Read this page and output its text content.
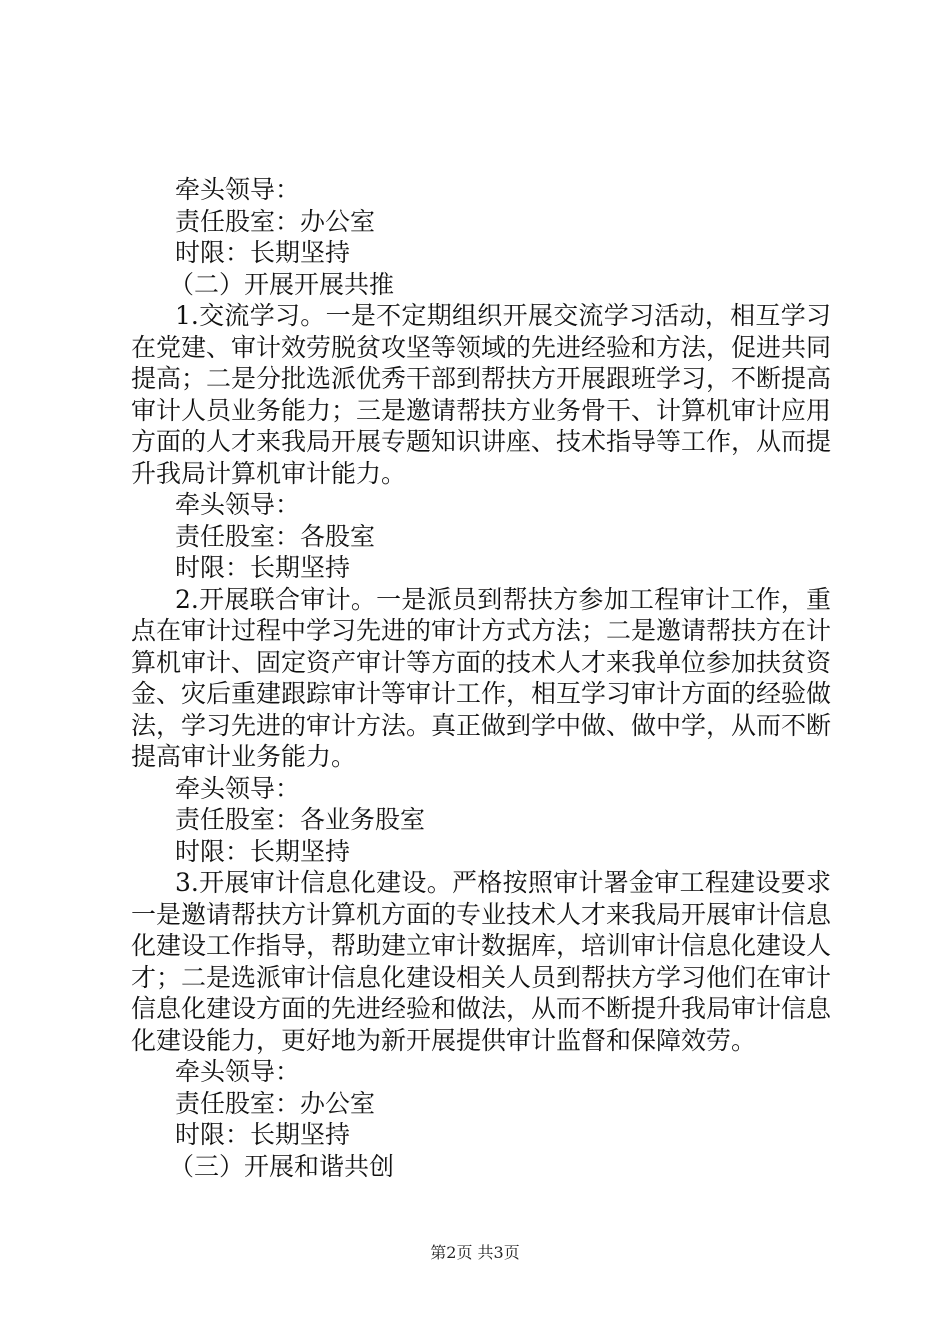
牵头领导：
责任股室：办公室
时限：长期坚持
（二）开展开展共推
1.交流学习。一是不定期组织开展交流学习活动，相互学习在党建、审计效劳脱贫攻坚等领域的先进经验和方法，促进共同提高；二是分批选派优秀干部到帮扶方开展跟班学习，不断提高审计人员业务能力；三是邀请帮扶方业务骨干、计算机审计应用方面的人才来我局开展专题知识讲座、技术指导等工作，从而提升我局计算机审计能力。
牵头领导：
责任股室：各股室
时限：长期坚持
2.开展联合审计。一是派员到帮扶方参加工程审计工作，重点在审计过程中学习先进的审计方式方法；二是邀请帮扶方在计算机审计、固定资产审计等方面的技术人才来我单位参加扶贫资金、灾后重建跟踪审计等审计工作，相互学习审计方面的经验做法，学习先进的审计方法。真正做到学中做、做中学，从而不断提高审计业务能力。
牵头领导：
责任股室：各业务股室
时限：长期坚持
3.开展审计信息化建设。严格按照审计署金审工程建设要求一是邀请帮扶方计算机方面的专业技术人才来我局开展审计信息化建设工作指导，帮助建立审计数据库，培训审计信息化建设人才；二是选派审计信息化建设相关人员到帮扶方学习他们在审计信息化建设方面的先进经验和做法，从而不断提升我局审计信息化建设能力，更好地为新开展提供审计监督和保障效劳。
牵头领导：
责任股室：办公室
时限：长期坚持
（三）开展和谐共创
第2页 共3页
